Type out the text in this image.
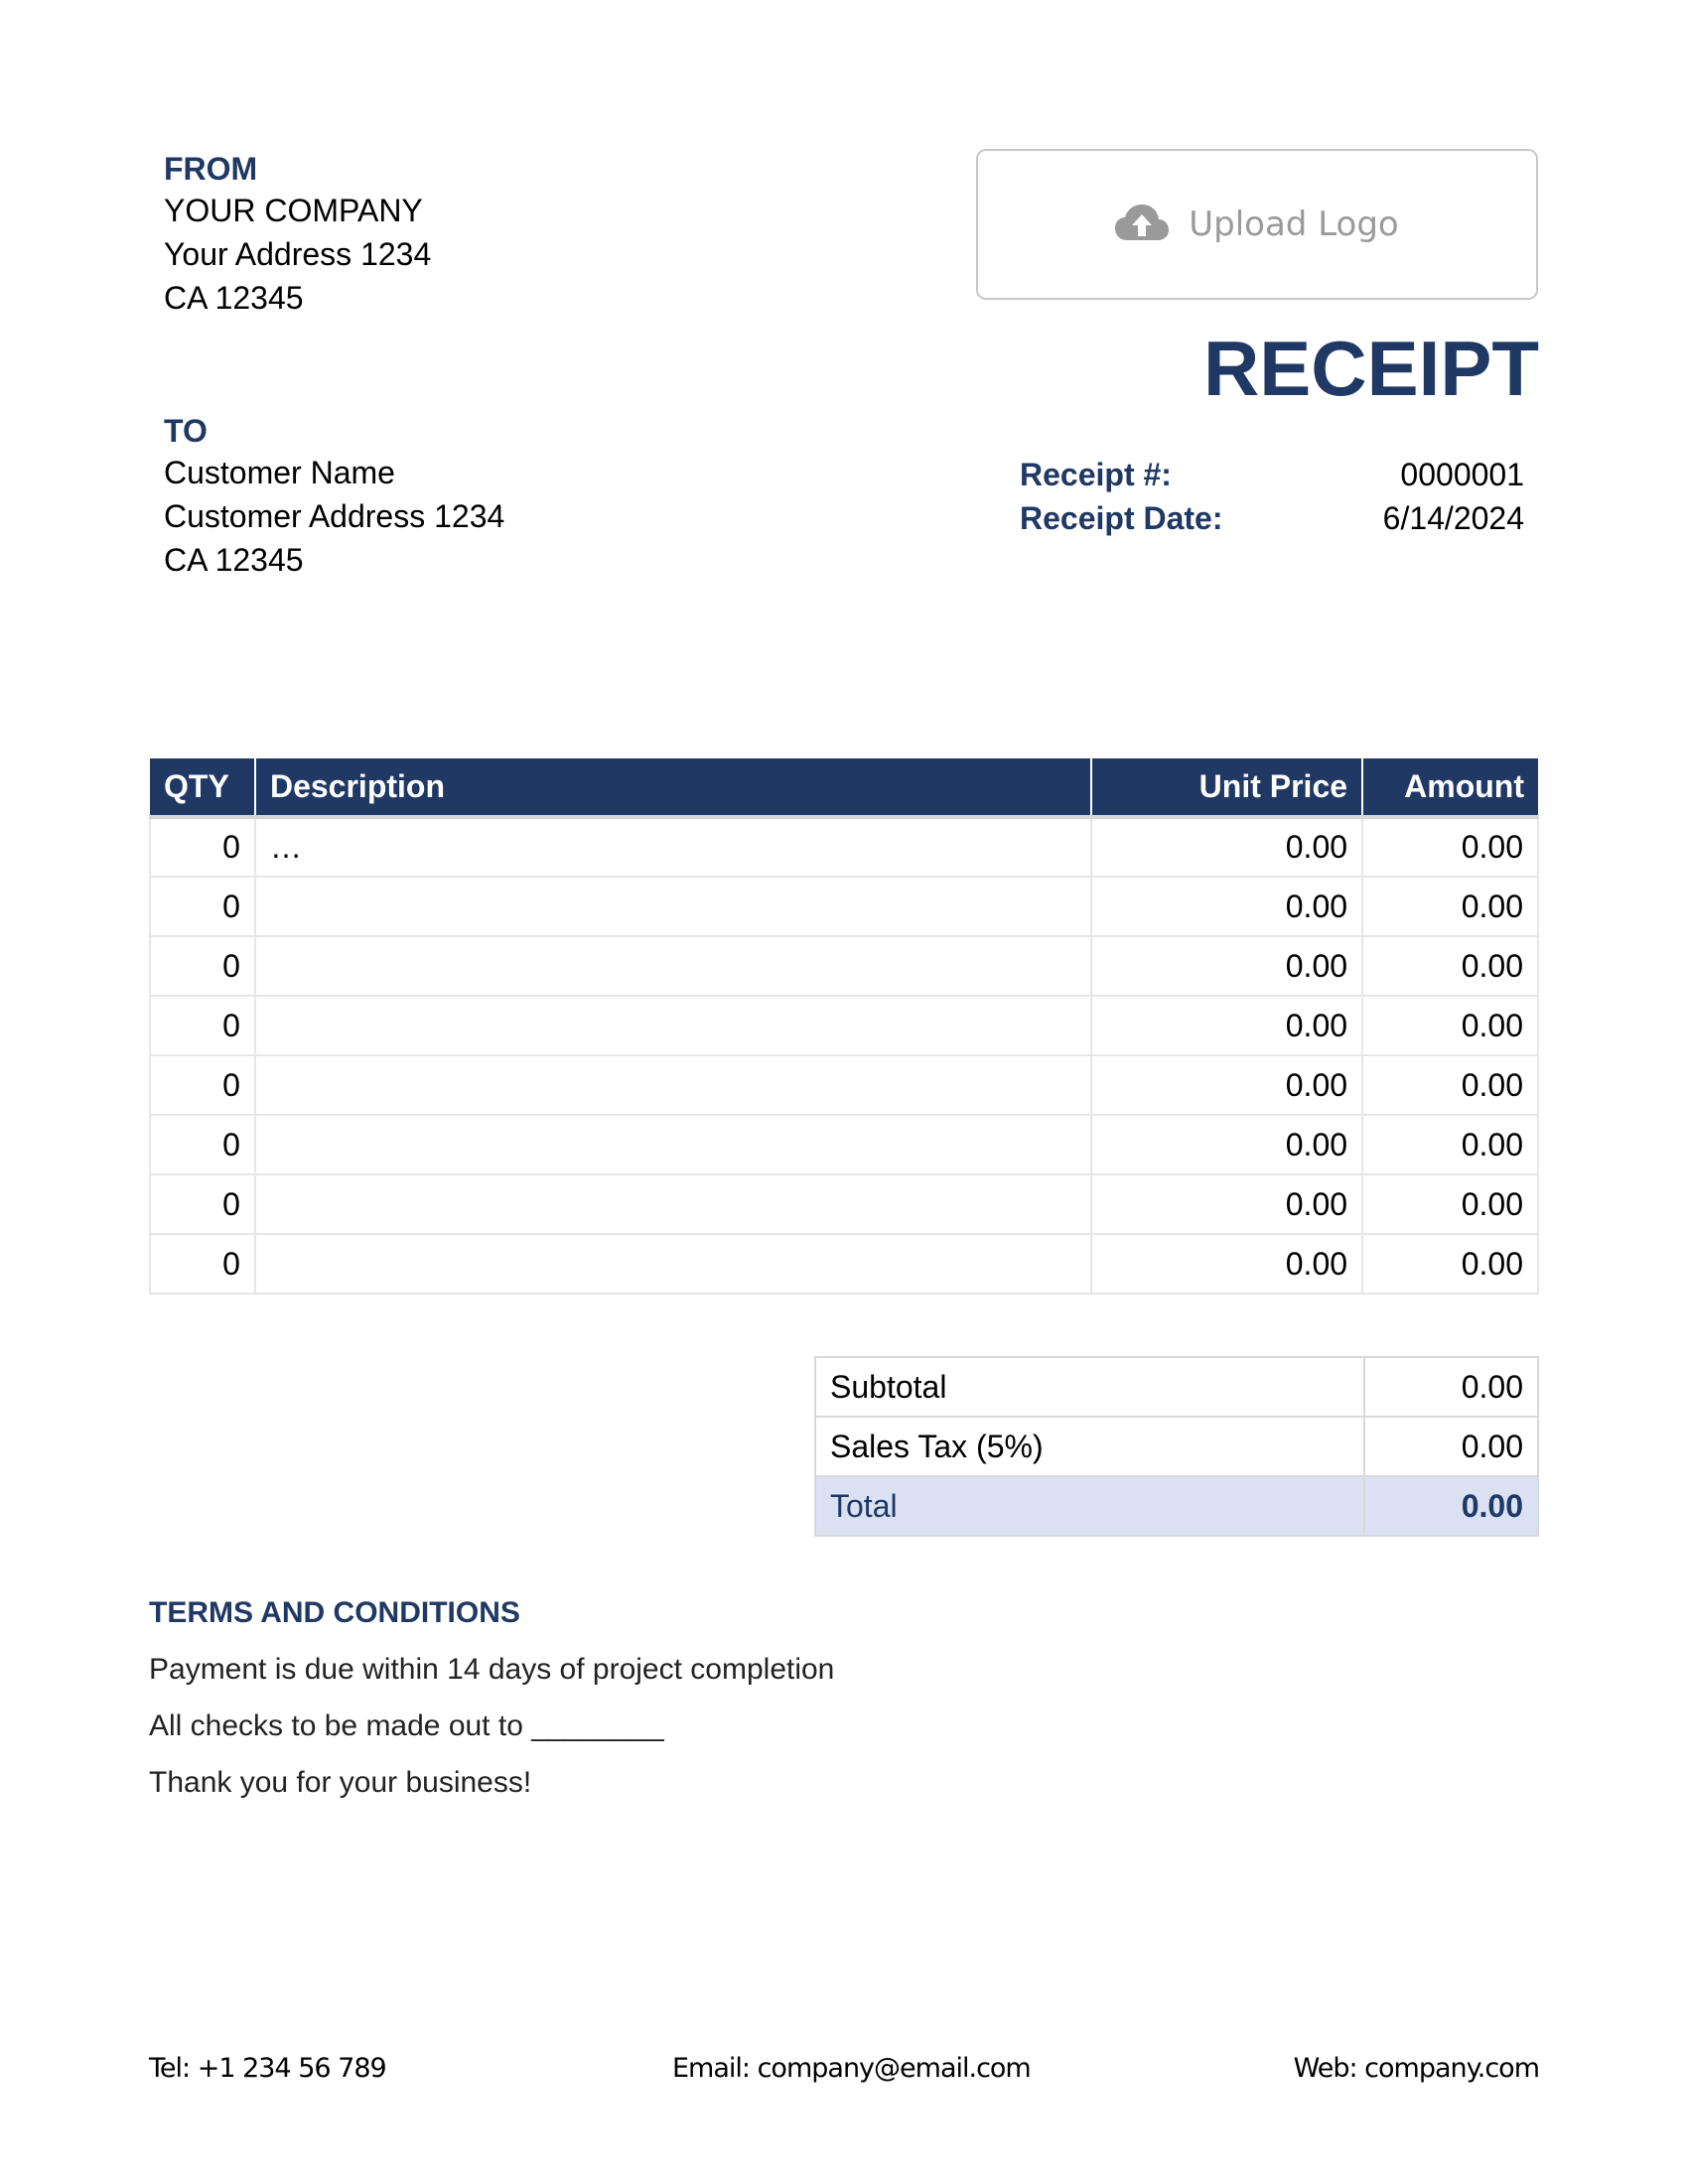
FROM
YOUR COMPANY
Your Address 1234
CA 12345
Upload Logo
RECEIPT
TO
Customer Name
Customer Address 1234
CA 12345
Receipt #:	0000001
Receipt Date:	6/14/2024
QTY	Description	Unit Price	Amount
0	…	0.00	0.00
0		0.00	0.00
0		0.00	0.00
0		0.00	0.00
0		0.00	0.00
0		0.00	0.00
0		0.00	0.00
0		0.00	0.00
Subtotal	0.00
Sales Tax (5%)	0.00
Total	0.00
TERMS AND CONDITIONS
Payment is due within 14 days of project completion
All checks to be made out to ________
Thank you for your business!
Tel: +1 234 56 789	Email: company@email.com	Web: company.com
